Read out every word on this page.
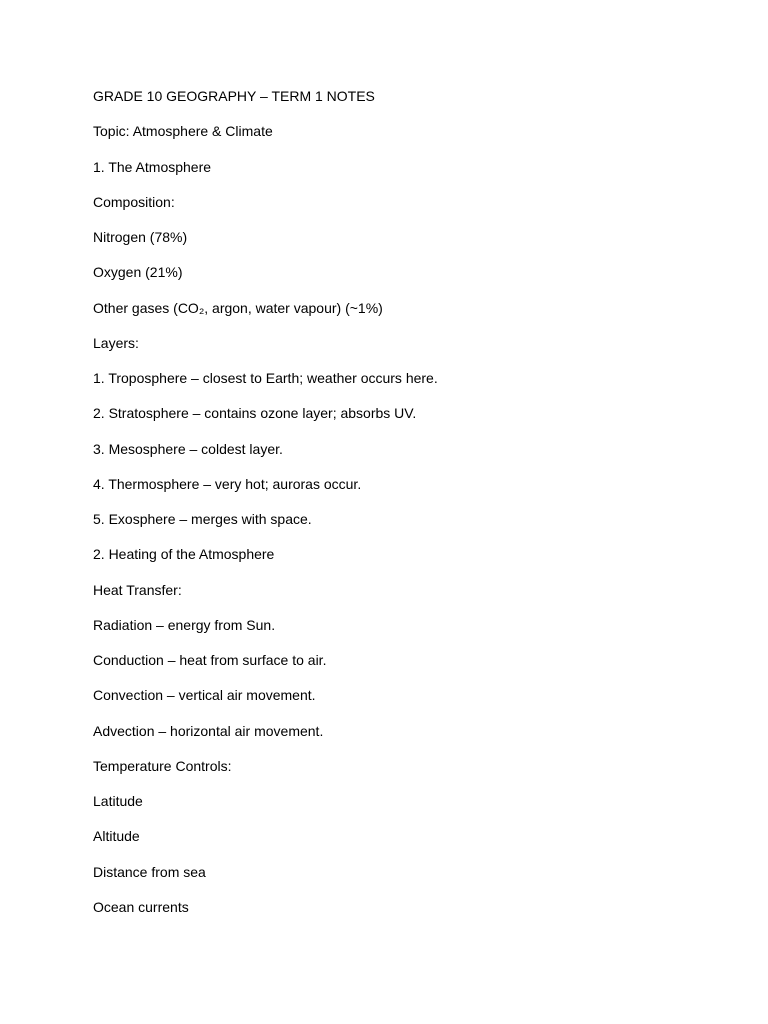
GRADE 10 GEOGRAPHY – TERM 1 NOTES

Topic: Atmosphere & Climate

1. The Atmosphere

Composition:

Nitrogen (78%)

Oxygen (21%)

Other gases (CO₂, argon, water vapour) (~1%)

Layers:

1. Troposphere – closest to Earth; weather occurs here.

2. Stratosphere – contains ozone layer; absorbs UV.

3. Mesosphere – coldest layer.

4. Thermosphere – very hot; auroras occur.

5. Exosphere – merges with space.

2. Heating of the Atmosphere

Heat Transfer:

Radiation – energy from Sun.

Conduction – heat from surface to air.

Convection – vertical air movement.

Advection – horizontal air movement.

Temperature Controls:

Latitude

Altitude

Distance from sea

Ocean currents
